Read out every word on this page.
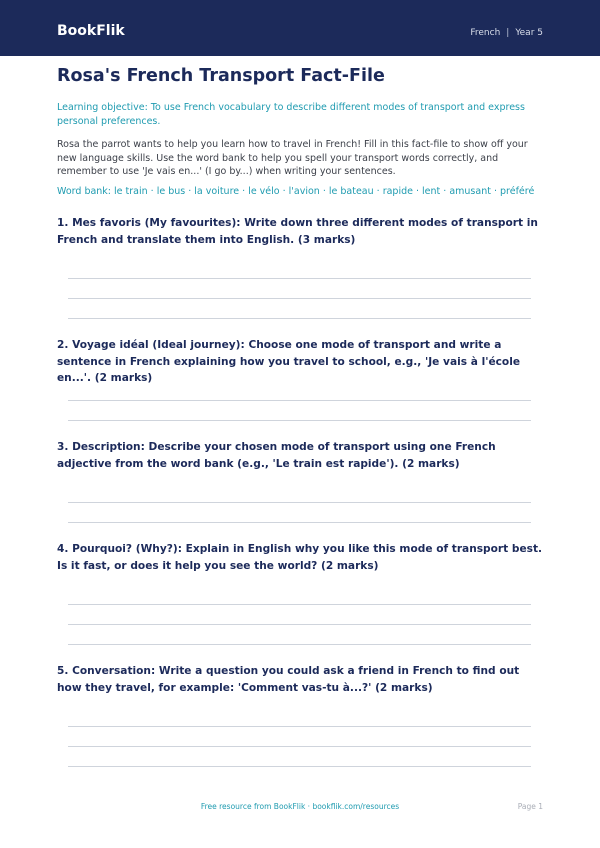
BookFlik	French | Year 5
Rosa's French Transport Fact-File

Learning objective: To use French vocabulary to describe different modes of transport and express personal preferences.

Rosa the parrot wants to help you learn how to travel in French! Fill in this fact-file to show off your new language skills. Use the word bank to help you spell your transport words correctly, and remember to use 'Je vais en...' (I go by...) when writing your sentences.

Word bank: le train · le bus · la voiture · le vélo · l'avion · le bateau · rapide · lent · amusant · préféré

1. Mes favoris (My favourites): Write down three different modes of transport in French and translate them into English. (3 marks)
2. Voyage idéal (Ideal journey): Choose one mode of transport and write a sentence in French explaining how you travel to school, e.g., 'Je vais à l'école en...'. (2 marks)
3. Description: Describe your chosen mode of transport using one French adjective from the word bank (e.g., 'Le train est rapide'). (2 marks)
4. Pourquoi? (Why?): Explain in English why you like this mode of transport best. Is it fast, or does it help you see the world? (2 marks)
5. Conversation: Write a question you could ask a friend in French to find out how they travel, for example: 'Comment vas-tu à...?' (2 marks)
Free resource from BookFlik · bookflik.com/resources	Page 1
